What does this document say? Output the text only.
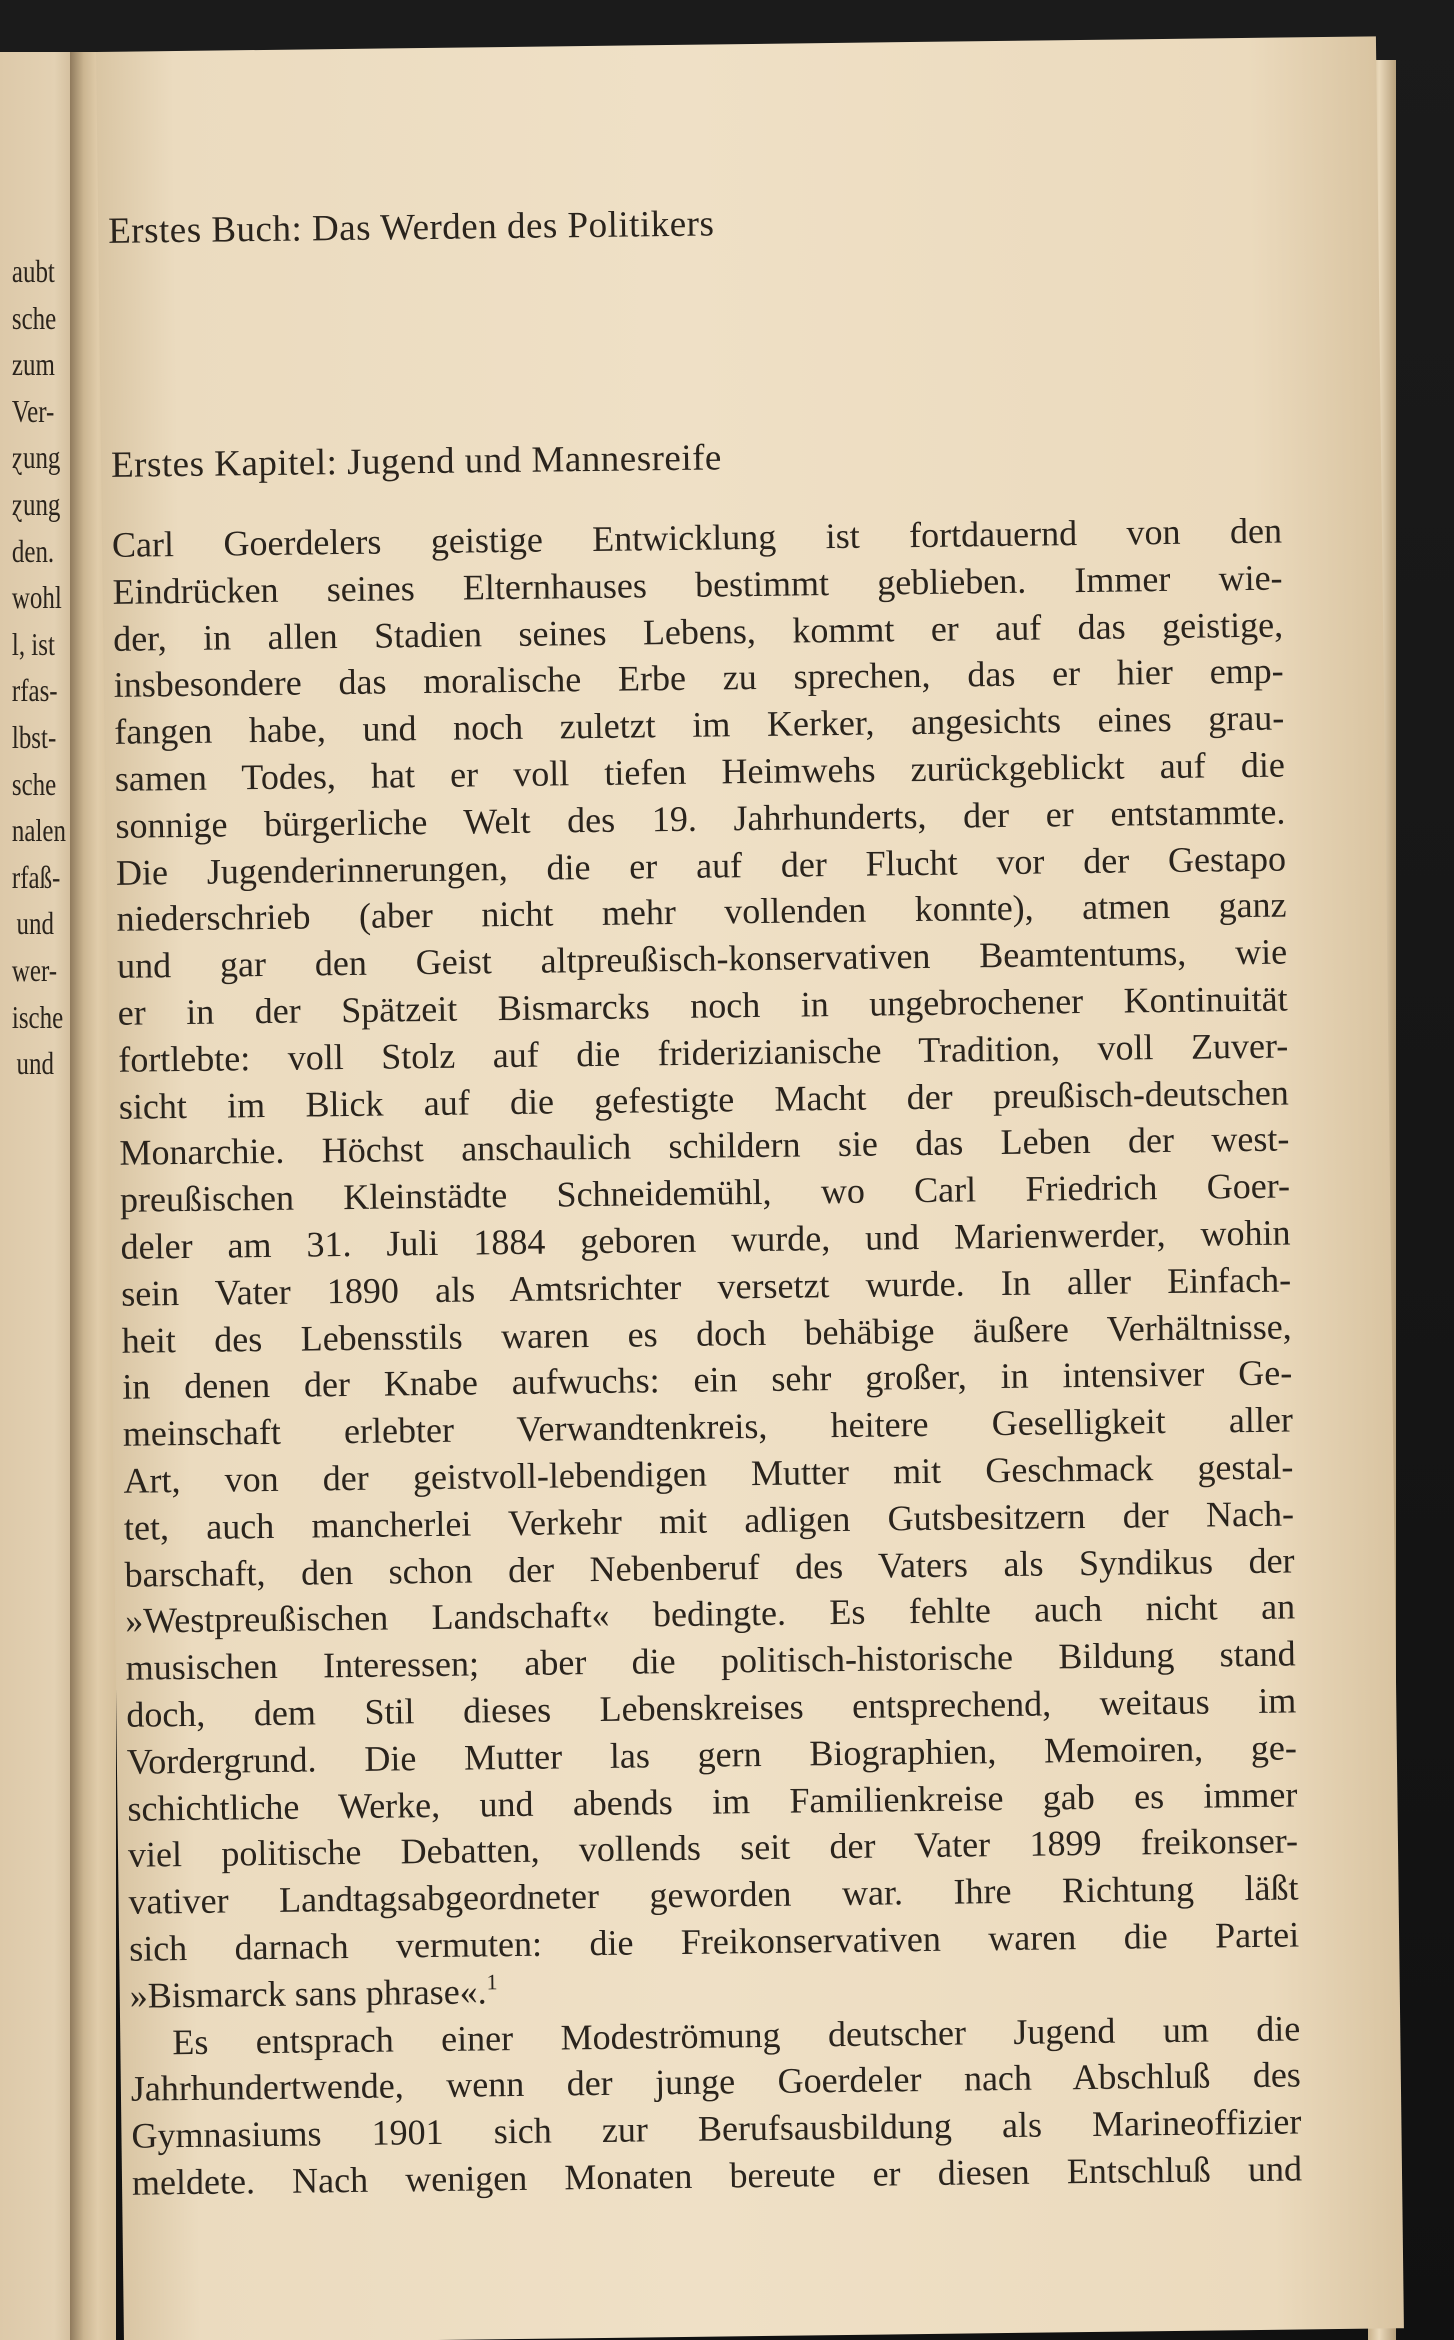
aubt
sche
zum
Ver-
ɀung
ɀung
den.
wohl
l, ist
rfas-
lbst-
sche
nalen
rfaß-
und
wer-
ische
und
Erstes Buch: Das Werden des Politikers
Erstes Kapitel: Jugend und Mannesreife
Carl Goerdelers geistige Entwicklung ist fortdauernd von den
Eindrücken seines Elternhauses bestimmt geblieben. Immer wie-
der, in allen Stadien seines Lebens, kommt er auf das geistige,
insbesondere das moralische Erbe zu sprechen, das er hier emp-
fangen habe, und noch zuletzt im Kerker, angesichts eines grau-
samen Todes, hat er voll tiefen Heimwehs zurückgeblickt auf die
sonnige bürgerliche Welt des 19. Jahrhunderts, der er entstammte.
Die Jugenderinnerungen, die er auf der Flucht vor der Gestapo
niederschrieb (aber nicht mehr vollenden konnte), atmen ganz
und gar den Geist altpreußisch-konservativen Beamtentums, wie
er in der Spätzeit Bismarcks noch in ungebrochener Kontinuität
fortlebte: voll Stolz auf die friderizianische Tradition, voll Zuver-
sicht im Blick auf die gefestigte Macht der preußisch-deutschen
Monarchie. Höchst anschaulich schildern sie das Leben der west-
preußischen Kleinstädte Schneidemühl, wo Carl Friedrich Goer-
deler am 31. Juli 1884 geboren wurde, und Marienwerder, wohin
sein Vater 1890 als Amtsrichter versetzt wurde. In aller Einfach-
heit des Lebensstils waren es doch behäbige äußere Verhältnisse,
in denen der Knabe aufwuchs: ein sehr großer, in intensiver Ge-
meinschaft erlebter Verwandtenkreis, heitere Geselligkeit aller
Art, von der geistvoll-lebendigen Mutter mit Geschmack gestal-
tet, auch mancherlei Verkehr mit adligen Gutsbesitzern der Nach-
barschaft, den schon der Nebenberuf des Vaters als Syndikus der
»Westpreußischen Landschaft« bedingte. Es fehlte auch nicht an
musischen Interessen; aber die politisch-historische Bildung stand
doch, dem Stil dieses Lebenskreises entsprechend, weitaus im
Vordergrund. Die Mutter las gern Biographien, Memoiren, ge-
schichtliche Werke, und abends im Familienkreise gab es immer
viel politische Debatten, vollends seit der Vater 1899 freikonser-
vativer Landtagsabgeordneter geworden war. Ihre Richtung läßt
sich darnach vermuten: die Freikonservativen waren die Partei
»Bismarck sans phrase«.$^1$
Es entsprach einer Modeströmung deutscher Jugend um die
Jahrhundertwende, wenn der junge Goerdeler nach Abschluß des
Gymnasiums 1901 sich zur Berufsausbildung als Marineoffizier
meldete. Nach wenigen Monaten bereute er diesen Entschluß und
